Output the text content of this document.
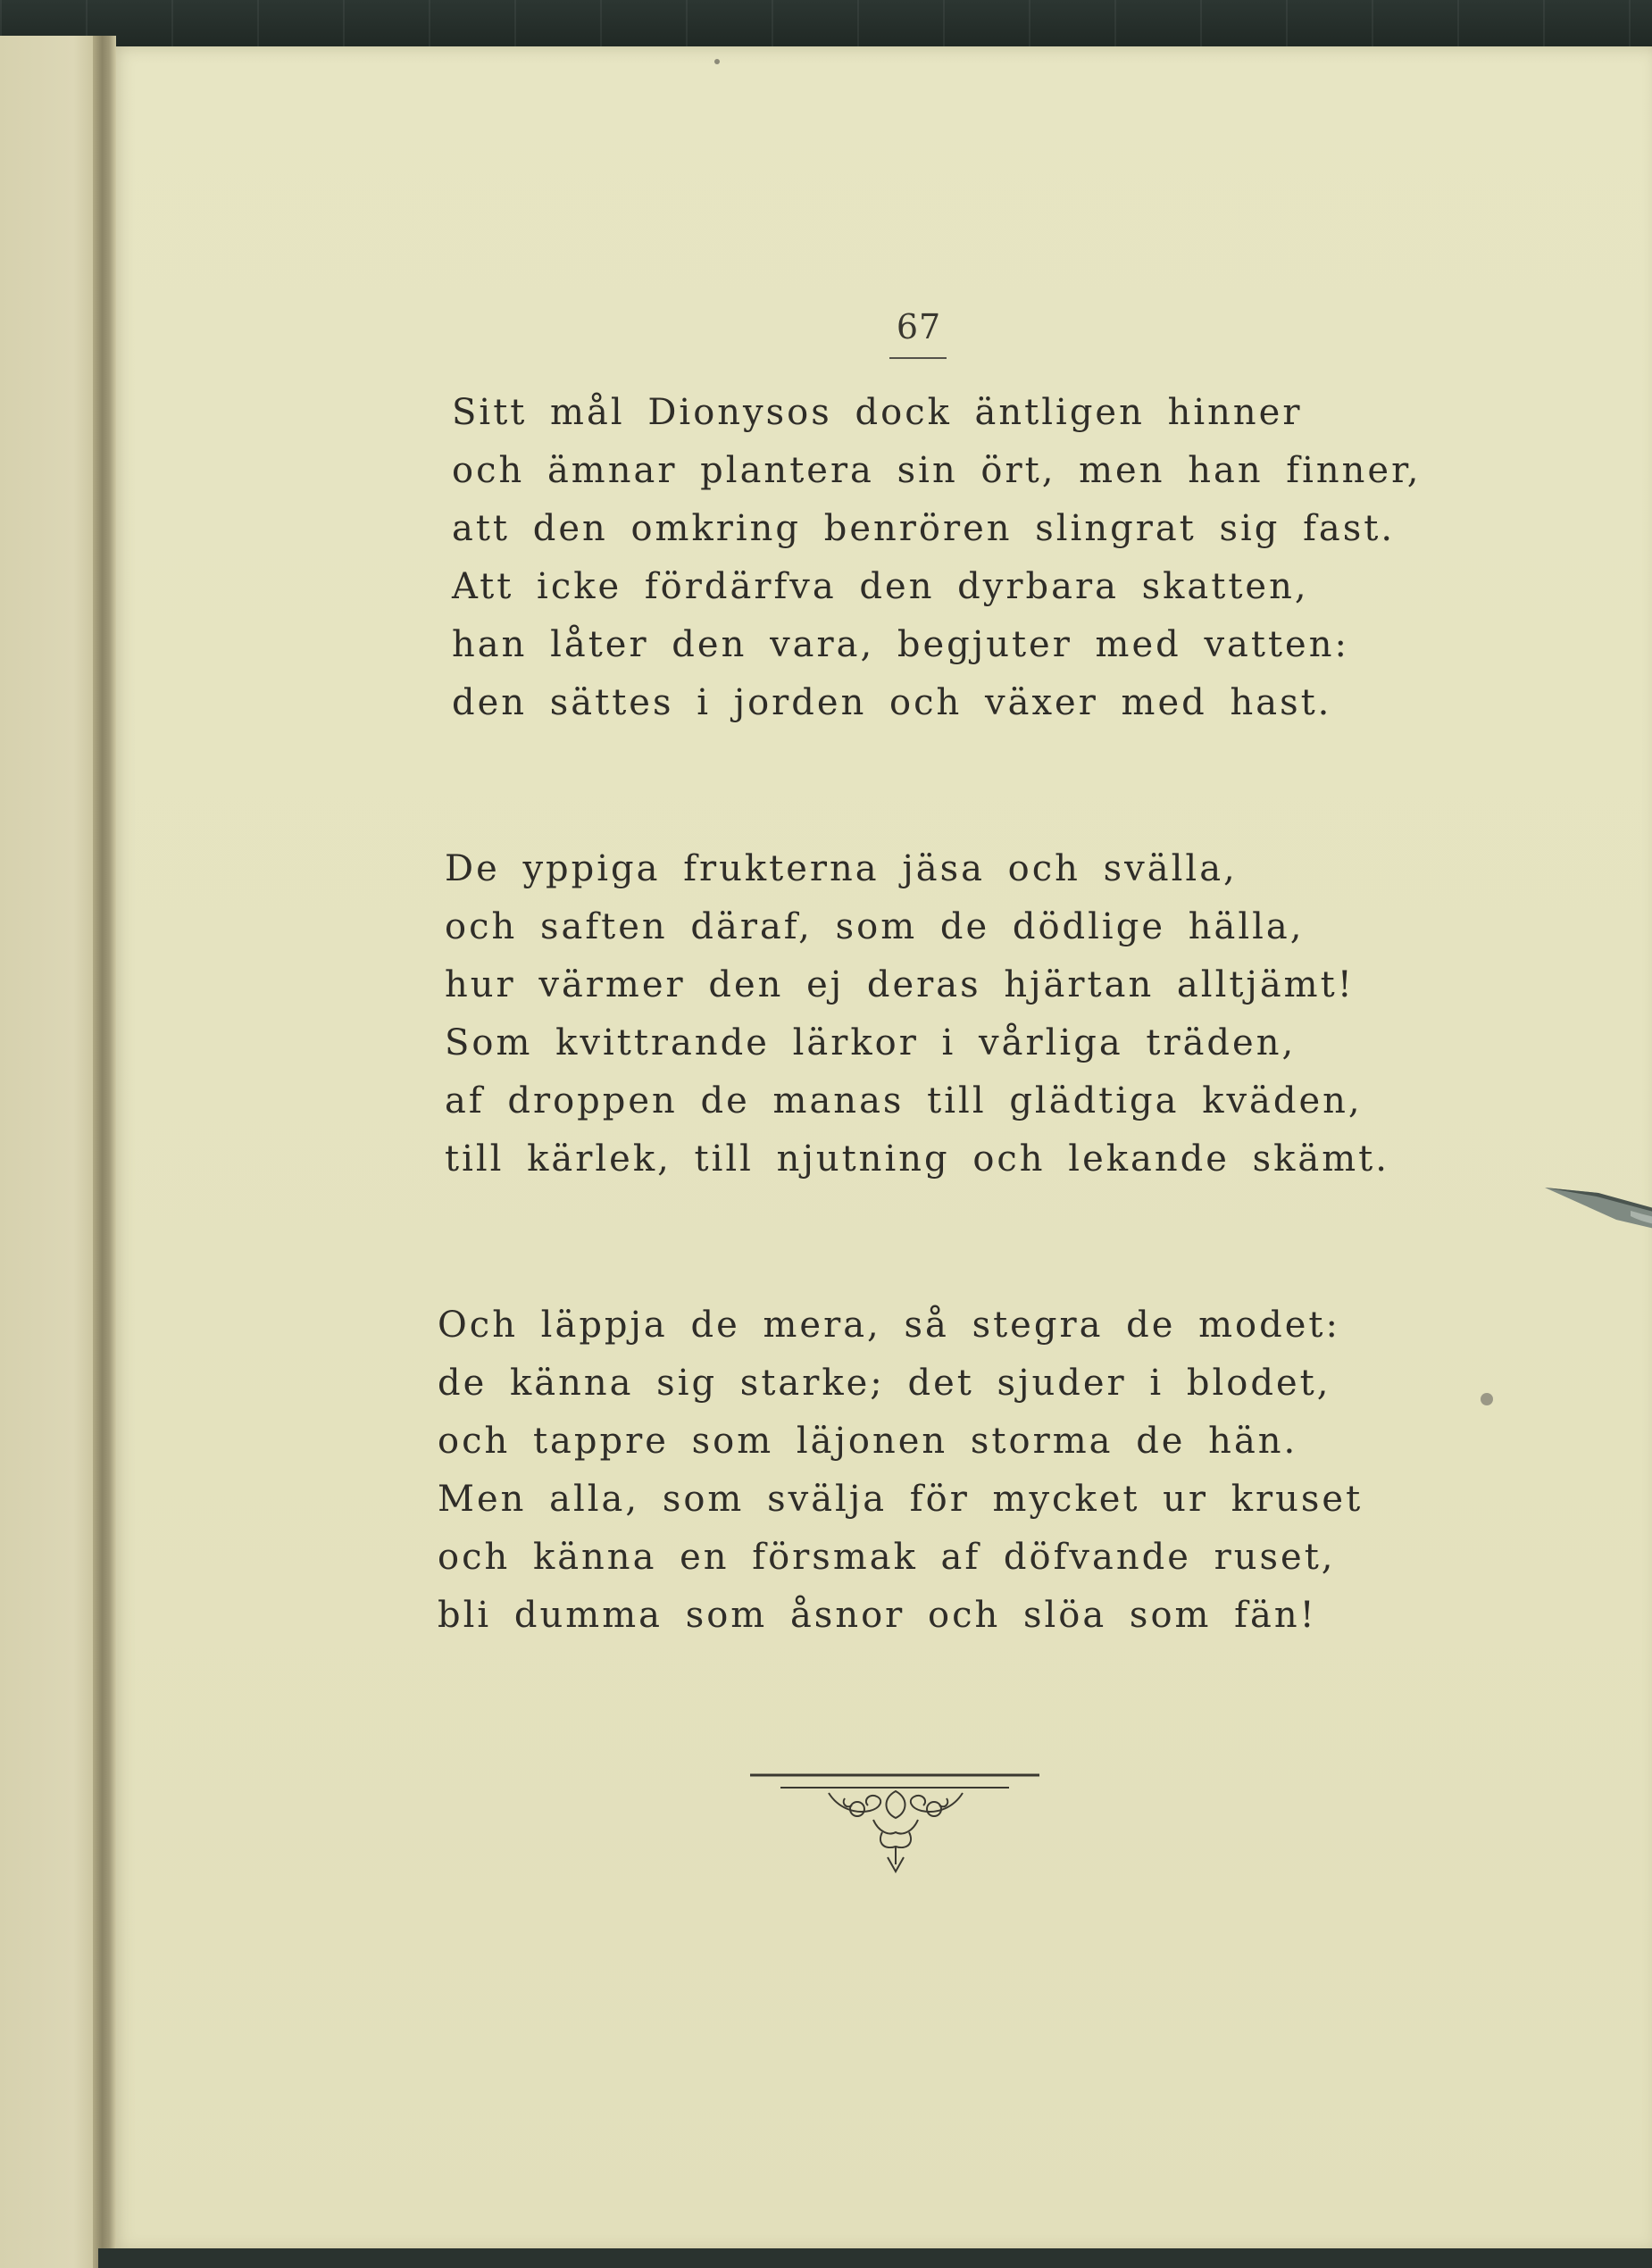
67
Sitt mål Dionysos dock äntligen hinner
och ämnar plantera sin ört, men han finner,
att den omkring benrören slingrat sig fast.
Att icke fördärfva den dyrbara skatten,
han låter den vara, begjuter med vatten:
den sättes i jorden och växer med hast.
De yppiga frukterna jäsa och svälla,
och saften däraf, som de dödlige hälla,
hur värmer den ej deras hjärtan alltjämt!
Som kvittrande lärkor i vårliga träden,
af droppen de manas till glädtiga kväden,
till kärlek, till njutning och lekande skämt.
Och läppja de mera, så stegra de modet:
de känna sig starke; det sjuder i blodet,
och tappre som läjonen storma de hän.
Men alla, som svälja för mycket ur kruset
och känna en försmak af döfvande ruset,
bli dumma som åsnor och slöa som fän!
